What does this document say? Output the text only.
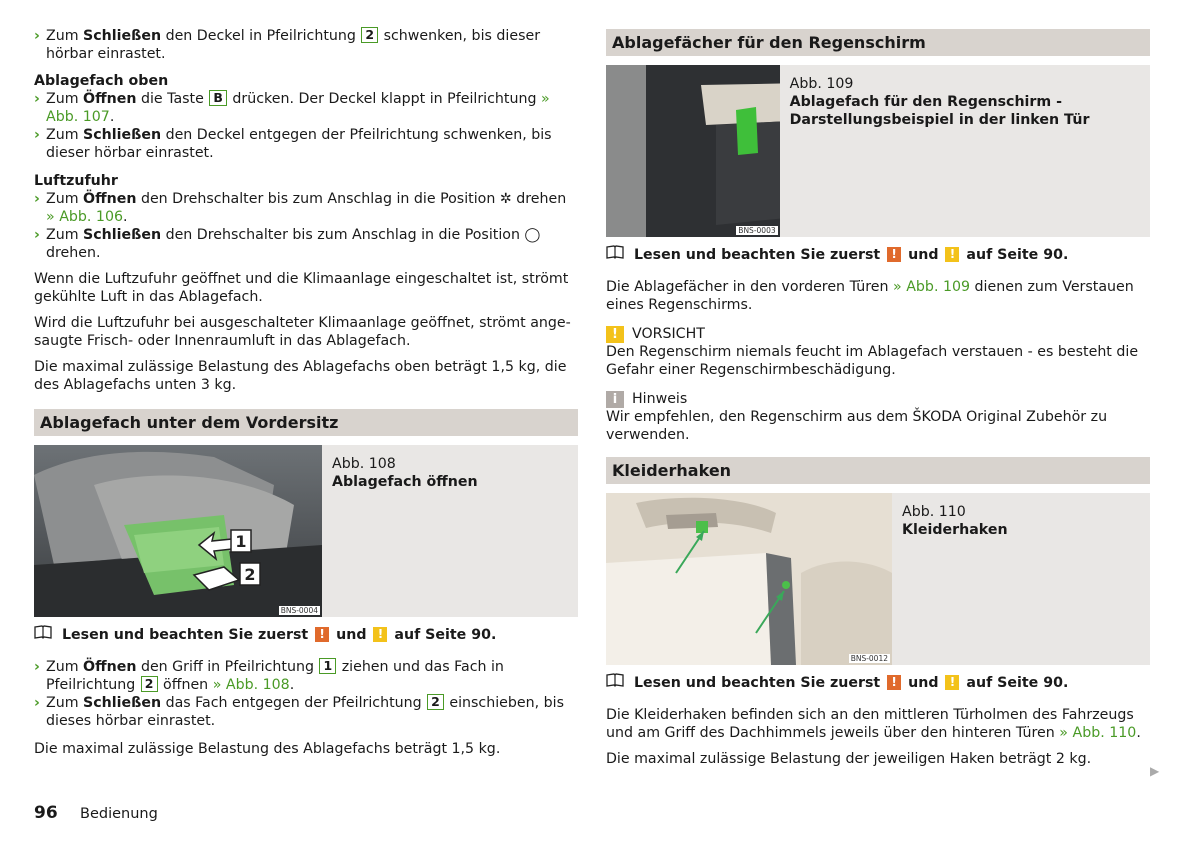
› Zum Schließen den Deckel in Pfeilrichtung 2 schwenken, bis dieser hörbar einrastet.
Ablagefach oben
› Zum Öffnen die Taste B drücken. Der Deckel klappt in Pfeilrichtung » Abb. 107.
› Zum Schließen den Deckel entgegen der Pfeilrichtung schwenken, bis dieser hörbar einrastet.
Luftzufuhr
› Zum Öffnen den Drehschalter bis zum Anschlag in die Position ✲ drehen » Abb. 106.
› Zum Schließen den Drehschalter bis zum Anschlag in die Position ◯ drehen.

Wenn die Luftzufuhr geöffnet und die Klimaanlage eingeschaltet ist, strömt gekühlte Luft in das Ablagefach.

Wird die Luftzufuhr bei ausgeschalteter Klimaanlage geöffnet, strömt angesaugte Frisch- oder Innenraumluft in das Ablagefach.

Die maximal zulässige Belastung des Ablagefachs oben beträgt 1,5 kg, die des Ablagefachs unten 3 kg.

Ablagefach unter dem Vordersitz
1
2
BNS-0004
Abb. 108
Ablagefach öffnen
Lesen und beachten Sie zuerst
!
und
!
auf Seite 90.
› Zum Öffnen den Griff in Pfeilrichtung 1 ziehen und das Fach in Pfeilrichtung 2 öffnen » Abb. 108.
› Zum Schließen das Fach entgegen der Pfeilrichtung 2 einschieben, bis dieses hörbar einrastet.

Die maximal zulässige Belastung des Ablagefachs beträgt 1,5 kg.

Ablagefächer für den Regenschirm
BNS-0003
Abb. 109
Ablagefach für den Regenschirm - Darstellungsbeispiel in der linken Tür
Lesen und beachten Sie zuerst
!
und
!
auf Seite 90.

Die Ablagefächer in den vorderen Türen » Abb. 109 dienen zum Verstauen eines Regenschirms.

! VORSICHT

Den Regenschirm niemals feucht im Ablagefach verstauen - es besteht die Gefahr einer Regenschirmbeschädigung.

i	Hinweis

Wir empfehlen, den Regenschirm aus dem ŠKODA Original Zubehör zu verwenden.

Kleiderhaken
BNS-0012
Abb. 110
Kleiderhaken
Lesen und beachten Sie zuerst
!
und
!
auf Seite 90.

Die Kleiderhaken befinden sich an den mittleren Türholmen des Fahrzeugs und am Griff des Dachhimmels jeweils über den hinteren Türen » Abb. 110.

Die maximal zulässige Belastung der jeweiligen Haken beträgt 2 kg.

▶
96 Bedienung
